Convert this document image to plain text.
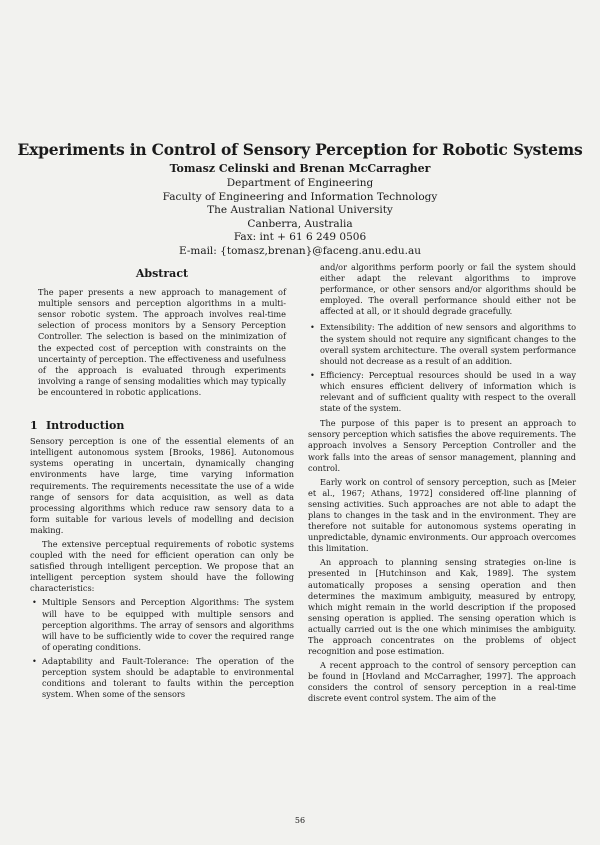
Experiments in Control of Sensory Perception for Robotic Systems
Tomasz Celinski and Brenan McCarragher
Department of Engineering
Faculty of Engineering and Information Technology
The Australian National University
Canberra, Australia
Fax: int + 61 6 249 0506
E-mail: {tomasz,brenan}@faceng.anu.edu.au
Abstract

The paper presents a new approach to management of multiple sensors and perception algorithms in a multi-sensor robotic system. The approach involves real-time selection of process monitors by a Sensory Perception Controller. The selection is based on the minimization of the expected cost of perception with constraints on the uncertainty of perception. The effectiveness and usefulness of the approach is evaluated through experiments involving a range of sensing modalities which may typically be encountered in robotic applications.

1 Introduction

Sensory perception is one of the essential elements of an intelligent autonomous system [Brooks, 1986]. Autonomous systems operating in uncertain, dynamically changing environments have large, time varying information requirements. The requirements necessitate the use of a wide range of sensors for data acquisition, as well as data processing algorithms which reduce raw sensory data to a form suitable for various levels of modelling and decision making.

The extensive perceptual requirements of robotic systems coupled with the need for efficient operation can only be satisfied through intelligent perception. We propose that an intelligent perception system should have the following characteristics:

• Multiple Sensors and Perception Algorithms: The system will have to be equipped with multiple sensors and perception algorithms. The array of sensors and algorithms will have to be sufficiently wide to cover the required range of operating conditions.
• Adaptability and Fault-Tolerance: The operation of the perception system should be adaptable to environmental conditions and tolerant to faults within the perception system. When some of the sensors

and/or algorithms perform poorly or fail the system should either adapt the relevant algorithms to improve performance, or other sensors and/or algorithms should be employed. The overall performance should either not be affected at all, or it should degrade gracefully.

• Extensibility: The addition of new sensors and algorithms to the system should not require any significant changes to the overall system architecture. The overall system performance should not decrease as a result of an addition.
• Efficiency: Perceptual resources should be used in a way which ensures efficient delivery of information which is relevant and of sufficient quality with respect to the overall state of the system.

The purpose of this paper is to present an approach to sensory perception which satisfies the above requirements. The approach involves a Sensory Perception Controller and the work falls into the areas of sensor management, planning and control.

Early work on control of sensory perception, such as [Meier et al., 1967; Athans, 1972] considered off-line planning of sensing activities. Such approaches are not able to adapt the plans to changes in the task and in the environment. They are therefore not suitable for autonomous systems operating in unpredictable, dynamic environments. Our approach overcomes this limitation.

An approach to planning sensing strategies on-line is presented in [Hutchinson and Kak, 1989]. The system automatically proposes a sensing operation and then determines the maximum ambiguity, measured by entropy, which might remain in the world description if the proposed sensing operation is applied. The sensing operation which is actually carried out is the one which minimises the ambiguity. The approach concentrates on the problems of object recognition and pose estimation.

A recent approach to the control of sensory perception can be found in [Hovland and McCarragher, 1997]. The approach considers the control of sensory perception in a real-time discrete event control system. The aim of the

56
